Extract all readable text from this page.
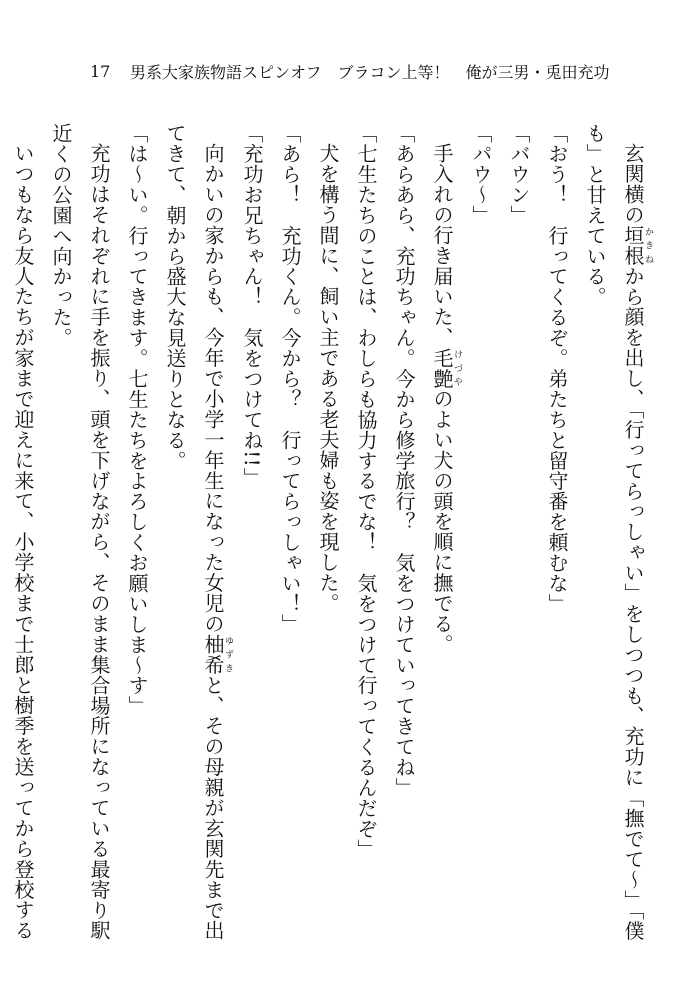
17	男系大家族物語スピンオフ　ブラコン上等！　俺が三男・兎田充功

玄関横の垣根かきねから顔を出し、「行ってらっしゃい」をしつつも、充功に「撫でて〜」「僕

も」と甘えている。

「おう！　行ってくるぞ。弟たちと留守番を頼むな」

「バウン」

「パウ〜」

手入れの行き届いた、毛艶けづやのよい犬の頭を順に撫でる。

「あらあら、充功ちゃん。今から修学旅行？　気をつけていってきてね」

「七生たちのことは、わしらも協力するでな！　気をつけて行ってくるんだぞ」

犬を構う間に、飼い主である老夫婦も姿を現した。

「あら！　充功くん。今から？　行ってらっしゃい！」

「充功お兄ちゃん！　気をつけてね!!」

向かいの家からも、今年で小学一年生になった女児の柚希ゆずきと、その母親が玄関先まで出

てきて、朝から盛大な見送りとなる。

「は〜い。行ってきます。七生たちをよろしくお願いしま〜す」

充功はそれぞれに手を振り、頭を下げながら、そのまま集合場所になっている最寄り駅

近くの公園へ向かった。

いつもなら友人たちが家まで迎えに来て、小学校まで士郎と樹季を送ってから登校する
